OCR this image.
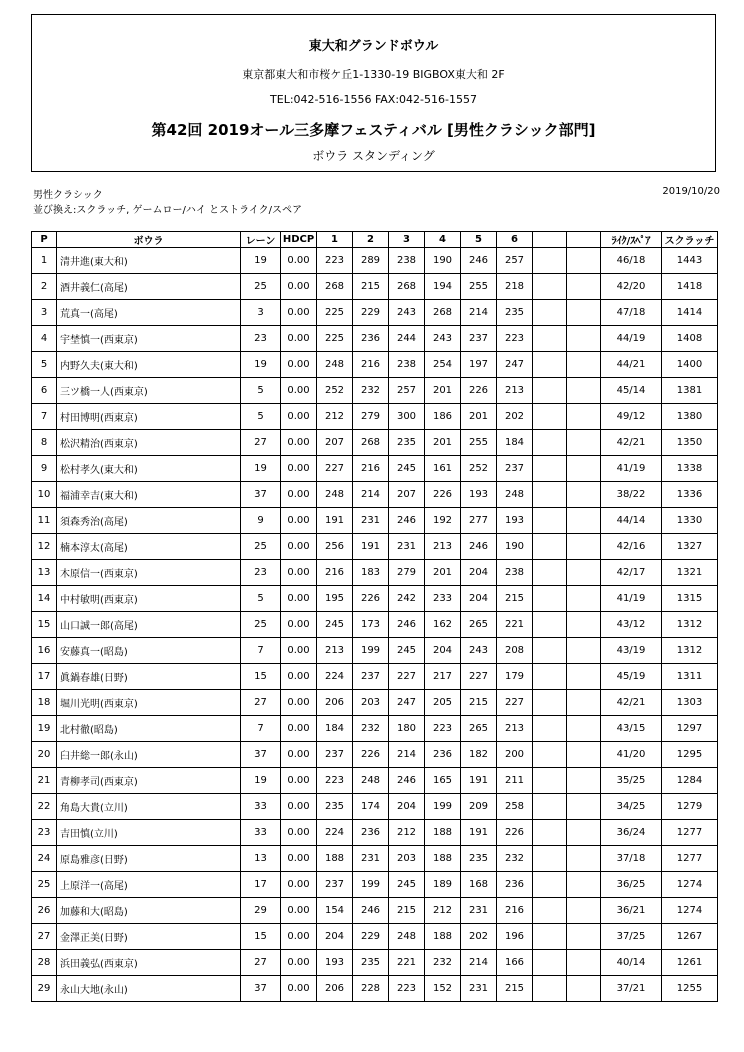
東大和グランドボウル
東京都東大和市桜ケ丘1-1330-19 BIGBOX東大和 2F
TEL:042-516-1556 FAX:042-516-1557
第42回 2019オール三多摩フェスティバル [男性クラシック部門]
ボウラ スタンディング
男性クラシック
並び換え:スクラッチ, ゲームロー/ハイ とストライク/スペア
2019/10/20
P	ボウラ	レーン	HDCP	1	2	3	4	5	6			ﾗｲｸ/ｽﾍﾟｱ	スクラッチ
1	清井進(東大和)	19	0.00	223	289	238	190	246	257			46/18	1443
2	酒井義仁(高尾)	25	0.00	268	215	268	194	255	218			42/20	1418
3	荒真一(高尾)	3	0.00	225	229	243	268	214	235			47/18	1414
4	宇埜慎一(西東京)	23	0.00	225	236	244	243	237	223			44/19	1408
5	内野久夫(東大和)	19	0.00	248	216	238	254	197	247			44/21	1400
6	三ツ橋一人(西東京)	5	0.00	252	232	257	201	226	213			45/14	1381
7	村田博明(西東京)	5	0.00	212	279	300	186	201	202			49/12	1380
8	松沢精治(西東京)	27	0.00	207	268	235	201	255	184			42/21	1350
9	松村孝久(東大和)	19	0.00	227	216	245	161	252	237			41/19	1338
10	福浦幸吉(東大和)	37	0.00	248	214	207	226	193	248			38/22	1336
11	須森秀治(高尾)	9	0.00	191	231	246	192	277	193			44/14	1330
12	楠本淳太(高尾)	25	0.00	256	191	231	213	246	190			42/16	1327
13	木原信一(西東京)	23	0.00	216	183	279	201	204	238			42/17	1321
14	中村敏明(西東京)	5	0.00	195	226	242	233	204	215			41/19	1315
15	山口誠一郎(高尾)	25	0.00	245	173	246	162	265	221			43/12	1312
16	安藤真一(昭島)	7	0.00	213	199	245	204	243	208			43/19	1312
17	眞鍋春雄(日野)	15	0.00	224	237	227	217	227	179			45/19	1311
18	堀川光明(西東京)	27	0.00	206	203	247	205	215	227			42/21	1303
19	北村徹(昭島)	7	0.00	184	232	180	223	265	213			43/15	1297
20	臼井総一郎(永山)	37	0.00	237	226	214	236	182	200			41/20	1295
21	青柳孝司(西東京)	19	0.00	223	248	246	165	191	211			35/25	1284
22	角島大貴(立川)	33	0.00	235	174	204	199	209	258			34/25	1279
23	吉田慎(立川)	33	0.00	224	236	212	188	191	226			36/24	1277
24	原島雅彦(日野)	13	0.00	188	231	203	188	235	232			37/18	1277
25	上原洋一(高尾)	17	0.00	237	199	245	189	168	236			36/25	1274
26	加藤和大(昭島)	29	0.00	154	246	215	212	231	216			36/21	1274
27	金澤正美(日野)	15	0.00	204	229	248	188	202	196			37/25	1267
28	浜田義弘(西東京)	27	0.00	193	235	221	232	214	166			40/14	1261
29	永山大地(永山)	37	0.00	206	228	223	152	231	215			37/21	1255
